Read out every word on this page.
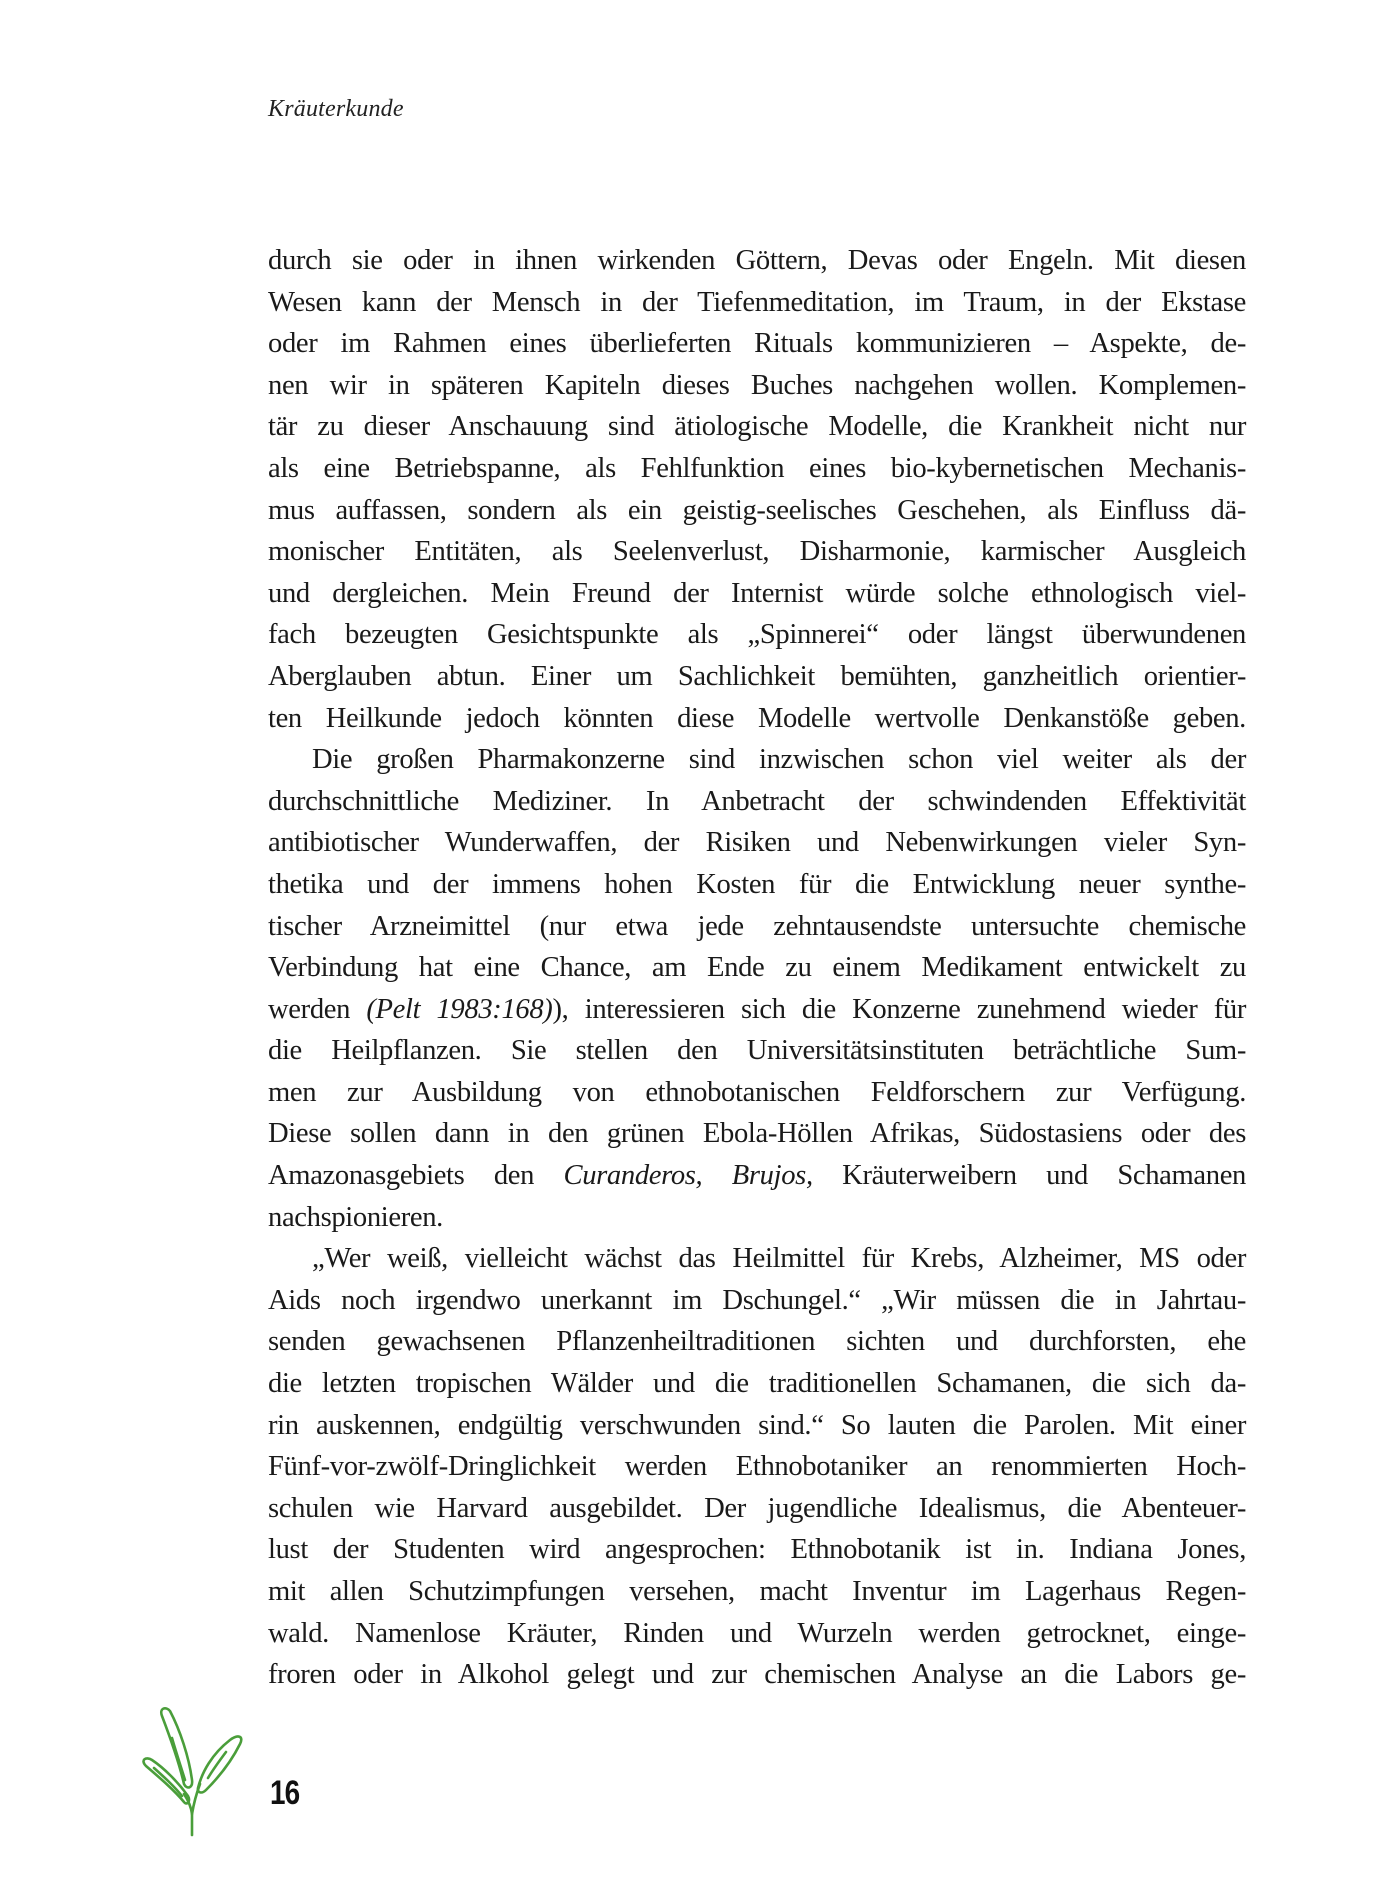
Kräuterkunde
durch sie oder in ihnen wirkenden Göttern, Devas oder Engeln. Mit diesen
Wesen kann der Mensch in der Tiefenmeditation, im Traum, in der Ekstase
oder im Rahmen eines überlieferten Rituals kommunizieren – Aspekte, de-
nen wir in späteren Kapiteln dieses Buches nachgehen wollen. Komplemen-
tär zu dieser Anschauung sind ätiologische Modelle, die Krankheit nicht nur
als eine Betriebspanne, als Fehlfunktion eines bio-kybernetischen Mechanis-
mus auffassen, sondern als ein geistig-seelisches Geschehen, als Einfluss dä-
monischer Entitäten, als Seelenverlust, Disharmonie, karmischer Ausgleich
und dergleichen. Mein Freund der Internist würde solche ethnologisch viel-
fach bezeugten Gesichtspunkte als „Spinnerei“ oder längst überwundenen
Aberglauben abtun. Einer um Sachlichkeit bemühten, ganzheitlich orientier-
ten Heilkunde jedoch könnten diese Modelle wertvolle Denkanstöße geben.
Die großen Pharmakonzerne sind inzwischen schon viel weiter als der
durchschnittliche Mediziner. In Anbetracht der schwindenden Effektivität
antibiotischer Wunderwaffen, der Risiken und Nebenwirkungen vieler Syn-
thetika und der immens hohen Kosten für die Entwicklung neuer synthe-
tischer Arzneimittel (nur etwa jede zehntausendste untersuchte chemische
Verbindung hat eine Chance, am Ende zu einem Medikament entwickelt zu
werden (Pelt 1983:168)), interessieren sich die Konzerne zunehmend wieder für
die Heilpflanzen. Sie stellen den Universitätsinstituten beträchtliche Sum-
men zur Ausbildung von ethnobotanischen Feldforschern zur Verfügung.
Diese sollen dann in den grünen Ebola-Höllen Afrikas, Südostasiens oder des
Amazonasgebiets den Curanderos, Brujos, Kräuterweibern und Schamanen
nachspionieren.
„Wer weiß, vielleicht wächst das Heilmittel für Krebs, Alzheimer, MS oder
Aids noch irgendwo unerkannt im Dschungel.“ „Wir müssen die in Jahrtau-
senden gewachsenen Pflanzenheiltraditionen sichten und durchforsten, ehe
die letzten tropischen Wälder und die traditionellen Schamanen, die sich da-
rin auskennen, endgültig verschwunden sind.“ So lauten die Parolen. Mit einer
Fünf-vor-zwölf-Dringlichkeit werden Ethnobotaniker an renommierten Hoch-
schulen wie Harvard ausgebildet. Der jugendliche Idealismus, die Abenteuer-
lust der Studenten wird angesprochen: Ethnobotanik ist in. Indiana Jones,
mit allen Schutzimpfungen versehen, macht Inventur im Lagerhaus Regen-
wald. Namenlose Kräuter, Rinden und Wurzeln werden getrocknet, einge-
froren oder in Alkohol gelegt und zur chemischen Analyse an die Labors ge-
16
